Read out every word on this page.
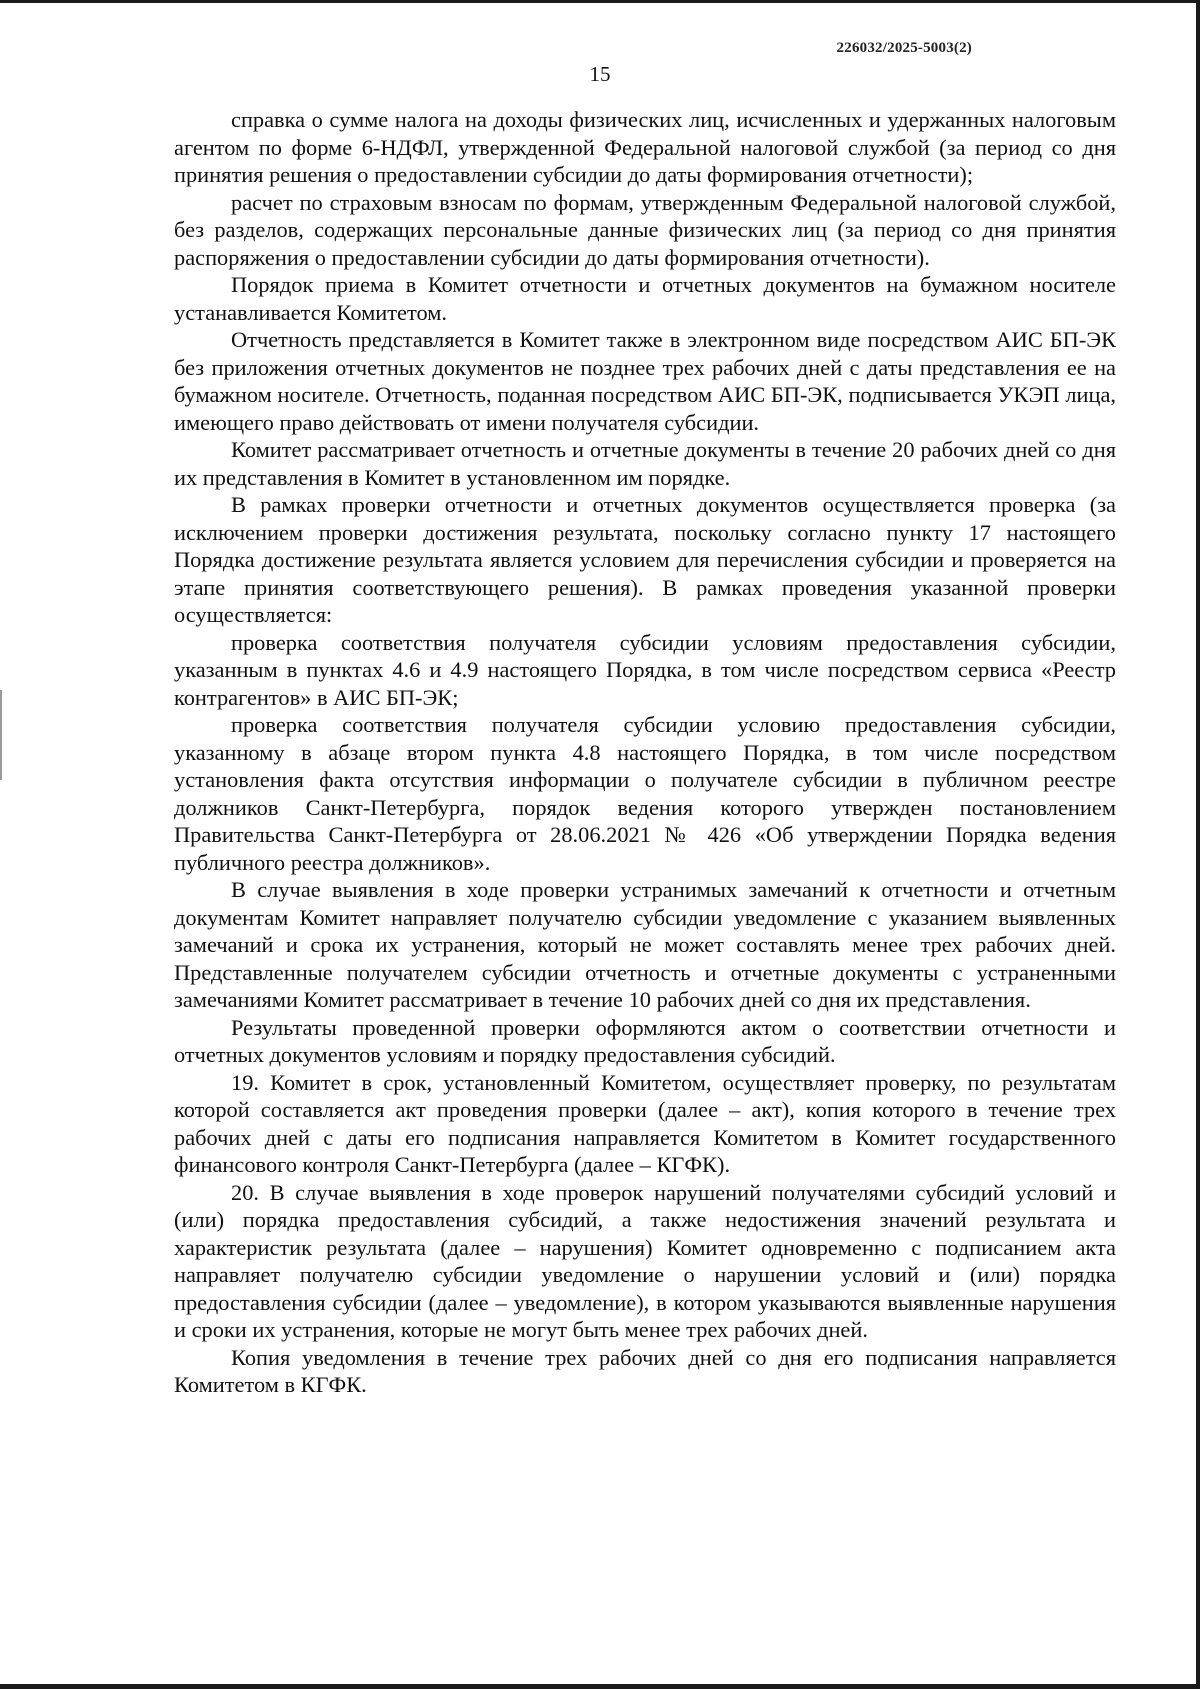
226032/2025-5003(2)
15

справка о сумме налога на доходы физических лиц, исчисленных и удержанных налоговым агентом по форме 6-НДФЛ, утвержденной Федеральной налоговой службой (за период со дня принятия решения о предоставлении субсидии до даты формирования отчетности);

расчет по страховым взносам по формам, утвержденным Федеральной налоговой службой, без разделов, содержащих персональные данные физических лиц (за период со дня принятия распоряжения о предоставлении субсидии до даты формирования отчетности).

Порядок приема в Комитет отчетности и отчетных документов на бумажном носителе устанавливается Комитетом.

Отчетность представляется в Комитет также в электронном виде посредством АИС БП-ЭК без приложения отчетных документов не позднее трех рабочих дней с даты представления ее на бумажном носителе. Отчетность, поданная посредством АИС БП-ЭК, подписывается УКЭП лица, имеющего право действовать от имени получателя субсидии.

Комитет рассматривает отчетность и отчетные документы в течение 20 рабочих дней со дня их представления в Комитет в установленном им порядке.

В рамках проверки отчетности и отчетных документов осуществляется проверка (за исключением проверки достижения результата, поскольку согласно пункту 17 настоящего Порядка достижение результата является условием для перечисления субсидии и проверяется на этапе принятия соответствующего решения). В рамках проведения указанной проверки осуществляется:

проверка соответствия получателя субсидии условиям предоставления субсидии, указанным в пунктах 4.6 и 4.9 настоящего Порядка, в том числе посредством сервиса «Реестр контрагентов» в АИС БП-ЭК;

проверка соответствия получателя субсидии условию предоставления субсидии, указанному в абзаце втором пункта 4.8 настоящего Порядка, в том числе посредством установления факта отсутствия информации о получателе субсидии в публичном реестре должников Санкт-Петербурга, порядок ведения которого утвержден постановлением Правительства Санкт-Петербурга от 28.06.2021 № 426 «Об утверждении Порядка ведения публичного реестра должников».

В случае выявления в ходе проверки устранимых замечаний к отчетности и отчетным документам Комитет направляет получателю субсидии уведомление с указанием выявленных замечаний и срока их устранения, который не может составлять менее трех рабочих дней. Представленные получателем субсидии отчетность и отчетные документы с устраненными замечаниями Комитет рассматривает в течение 10 рабочих дней со дня их представления.

Результаты проведенной проверки оформляются актом о соответствии отчетности и отчетных документов условиям и порядку предоставления субсидий.

19. Комитет в срок, установленный Комитетом, осуществляет проверку, по результатам которой составляется акт проведения проверки (далее – акт), копия которого в течение трех рабочих дней с даты его подписания направляется Комитетом в Комитет государственного финансового контроля Санкт-Петербурга (далее – КГФК).

20. В случае выявления в ходе проверок нарушений получателями субсидий условий и (или) порядка предоставления субсидий, а также недостижения значений результата и характеристик результата (далее – нарушения) Комитет одновременно с подписанием акта направляет получателю субсидии уведомление о нарушении условий и (или) порядка предоставления субсидии (далее – уведомление), в котором указываются выявленные нарушения и сроки их устранения, которые не могут быть менее трех рабочих дней.

Копия уведомления в течение трех рабочих дней со дня его подписания направляется Комитетом в КГФК.
